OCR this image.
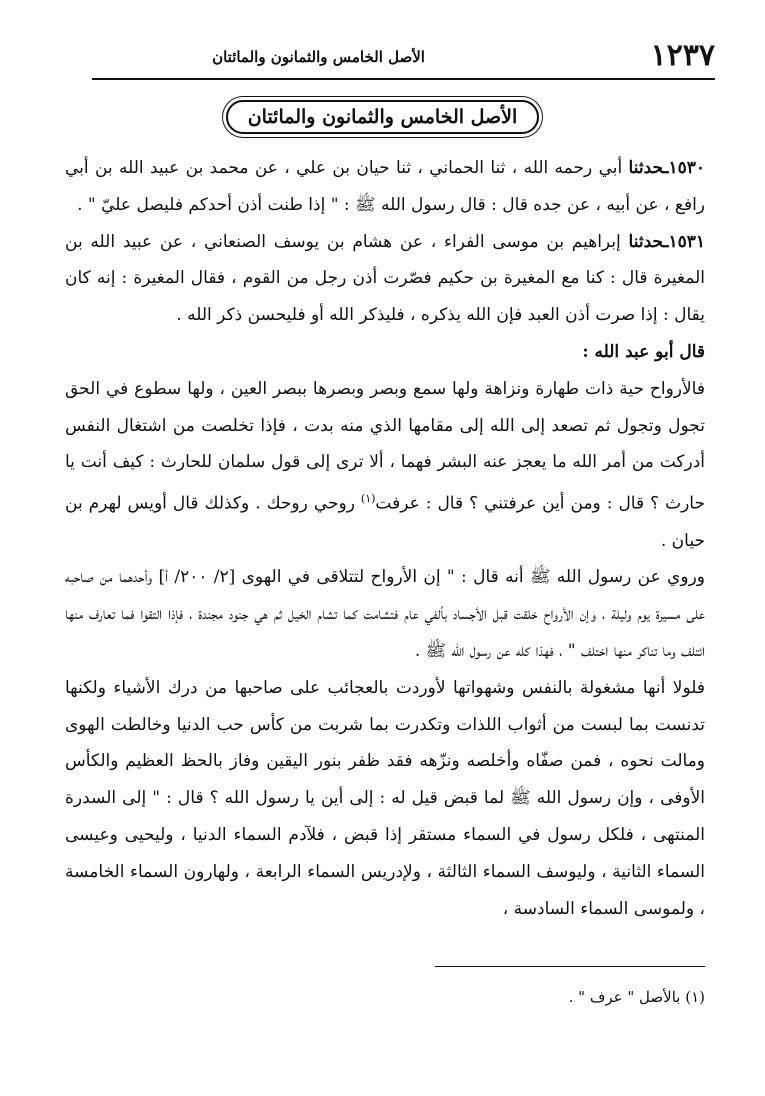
١٢٣٧
الأصل الخامس والثمانون والمائتان
الأصل الخامس والثمانون والمائتان

١٥٣٠ـحدثنا أبي رحمه الله ، ثنا الحماني ، ثنا حيان بن علي ، عن محمد بن عبيد الله بن أبي رافع ، عن أبيه ، عن جده قال : قال رسول الله ﷺ : " إذا طنت أذن أحدكم فليصل عليّ " .

١٥٣١ـحدثنا إبراهيم بن موسى الفراء ، عن هشام بن يوسف الصنعاني ، عن عبيد الله بن المغيرة قال : كنا مع المغيرة بن حكيم فصّرت أذن رجل من القوم ، فقال المغيرة : إنه كان يقال : إذا صرت أذن العبد فإن الله يذكره ، فليذكر الله أو فليحسن ذكر الله .

قال أبو عبد الله :

فالأرواح حية ذات طهارة ونزاهة ولها سمع وبصر وبصرها ببصر العين ، ولها سطوع في الحق تجول وتجول ثم تصعد إلى الله إلى مقامها الذي منه بدت ، فإذا تخلصت من اشتغال النفس أدركت من أمر الله ما يعجز عنه البشر فهما ، ألا ترى إلى قول سلمان للحارث : كيف أنت يا حارث ؟ قال : ومن أين عرفتني ؟ قال : عرفت$^{(١)}$ روحي روحك . وكذلك قال أويس لهرم بن حيان .

وروي عن رسول الله ﷺ أنه قال : " إن الأرواح لتتلاقى في الهوى [٢/ ٢٠٠/ أ] وأحدهما من صاحبه على مسيرة يوم وليلة ، وإن الأرواح خلقت قبل الأجساد بألفي عام فتشامت كما تشام الخيل ثم هي جنود مجندة ، فإذا التقوا فما تعارف منها ائتلف وما تناكر منها اختلف " ، فهذا كله عن رسول الله ﷺ .

فلولا أنها مشغولة بالنفس وشهواتها لأوردت بالعجائب على صاحبها من درك الأشياء ولكنها تدنست بما لبست من أثواب اللذات وتكدرت بما شربت من كأس حب الدنيا وخالطت الهوى ومالت نحوه ، فمن صفّاه وأخلصه ونزّهه فقد ظفر بنور اليقين وفاز بالحظ العظيم والكأس الأوفى ، وإن رسول الله ﷺ لما قبض قيل له : إلى أين يا رسول الله ؟ قال : " إلى السدرة المنتهى ، فلكل رسول في السماء مستقر إذا قبض ، فلآدم السماء الدنيا ، وليحيى وعيسى السماء الثانية ، وليوسف السماء الثالثة ، ولإدريس السماء الرابعة ، ولهارون السماء الخامسة ، ولموسى السماء السادسة ،

(١) بالأصل " عرف " .
